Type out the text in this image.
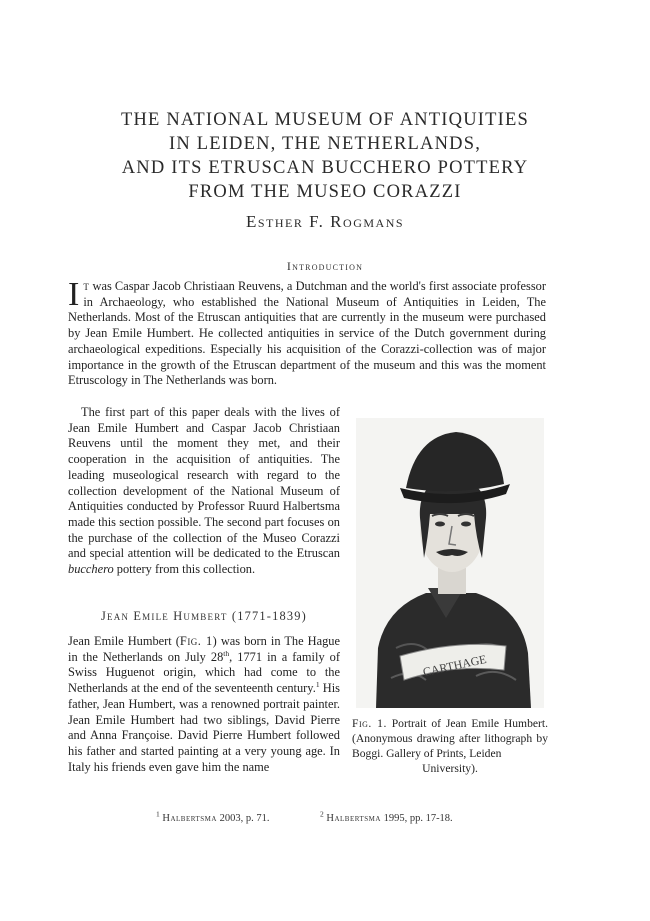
THE NATIONAL MUSEUM OF ANTIQUITIES
IN LEIDEN, THE NETHERLANDS,
AND ITS ETRUSCAN BUCCHERO POTTERY
FROM THE MUSEO CORAZZI
Esther F. Rogmans
Introduction
It was Caspar Jacob Christiaan Reuvens, a Dutchman and the world's first associate professor in Archaeology, who established the National Museum of Antiquities in Leiden, The Netherlands. Most of the Etruscan antiquities that are currently in the museum were purchased by Jean Emile Humbert. He collected antiquities in service of the Dutch government during archaeological expeditions. Especially his acquisition of the Corazzi-collection was of major importance in the growth of the Etruscan department of the museum and this was the moment Etruscology in The Netherlands was born.
The first part of this paper deals with the lives of Jean Emile Humbert and Caspar Jacob Christiaan Reuvens until the moment they met, and their cooperation in the acquisition of antiquities. The leading museological research with regard to the collection development of the National Museum of Antiquities conducted by Professor Ruurd Halbertsma made this section possible. The second part focuses on the purchase of the collection of the Museo Corazzi and special attention will be dedicated to the Etruscan bucchero pottery from this collection.
Jean Emile Humbert (1771-1839)
Jean Emile Humbert (Fig. 1) was born in The Hague in the Netherlands on July 28th, 1771 in a family of Swiss Huguenot origin, which had come to the Netherlands at the end of the seventeenth century.$^1$ His father, Jean Humbert, was a renowned portrait painter. Jean Emile Humbert had two siblings, David Pierre and Anna Françoise. David Pierre Humbert followed his father and started painting at a very young age. In Italy his friends even gave him the name
CARTHAGE
Fig. 1. Portrait of Jean Emile Humbert. (Anonymous drawing after lithograph by Boggi. Gallery of Prints, Leiden
University).
$^1$ Halbertsma 2003, p. 71.	$^2$ Halbertsma 1995, pp. 17-18.
